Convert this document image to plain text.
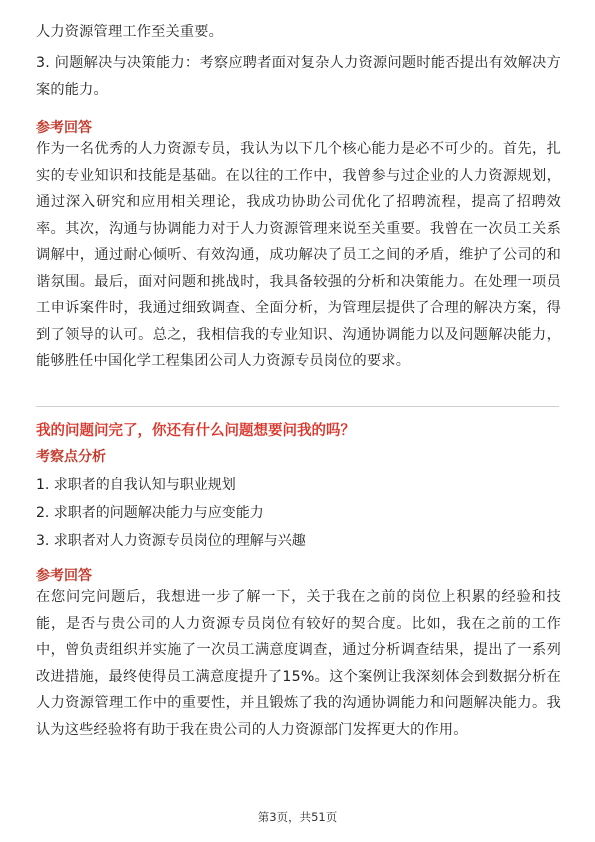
人力资源管理工作至关重要。

3. 问题解决与决策能力：考察应聘者面对复杂人力资源问题时能否提出有效解决方案的能力。

参考回答

作为一名优秀的人力资源专员，我认为以下几个核心能力是必不可少的。首先，扎实的专业知识和技能是基础。在以往的工作中，我曾参与过企业的人力资源规划，通过深入研究和应用相关理论，我成功协助公司优化了招聘流程，提高了招聘效率。其次，沟通与协调能力对于人力资源管理来说至关重要。我曾在一次员工关系调解中，通过耐心倾听、有效沟通，成功解决了员工之间的矛盾，维护了公司的和谐氛围。最后，面对问题和挑战时，我具备较强的分析和决策能力。在处理一项员工申诉案件时，我通过细致调查、全面分析，为管理层提供了合理的解决方案，得到了领导的认可。总之，我相信我的专业知识、沟通协调能力以及问题解决能力，能够胜任中国化学工程集团公司人力资源专员岗位的要求。

我的问题问完了，你还有什么问题想要问我的吗？

考察点分析

1. 求职者的自我认知与职业规划

2. 求职者的问题解决能力与应变能力

3. 求职者对人力资源专员岗位的理解与兴趣

参考回答

在您问完问题后，我想进一步了解一下，关于我在之前的岗位上积累的经验和技能，是否与贵公司的人力资源专员岗位有较好的契合度。比如，我在之前的工作中，曾负责组织并实施了一次员工满意度调查，通过分析调查结果，提出了一系列改进措施，最终使得员工满意度提升了15%。这个案例让我深刻体会到数据分析在人力资源管理工作中的重要性，并且锻炼了我的沟通协调能力和问题解决能力。我认为这些经验将有助于我在贵公司的人力资源部门发挥更大的作用。

第3页，共51页
